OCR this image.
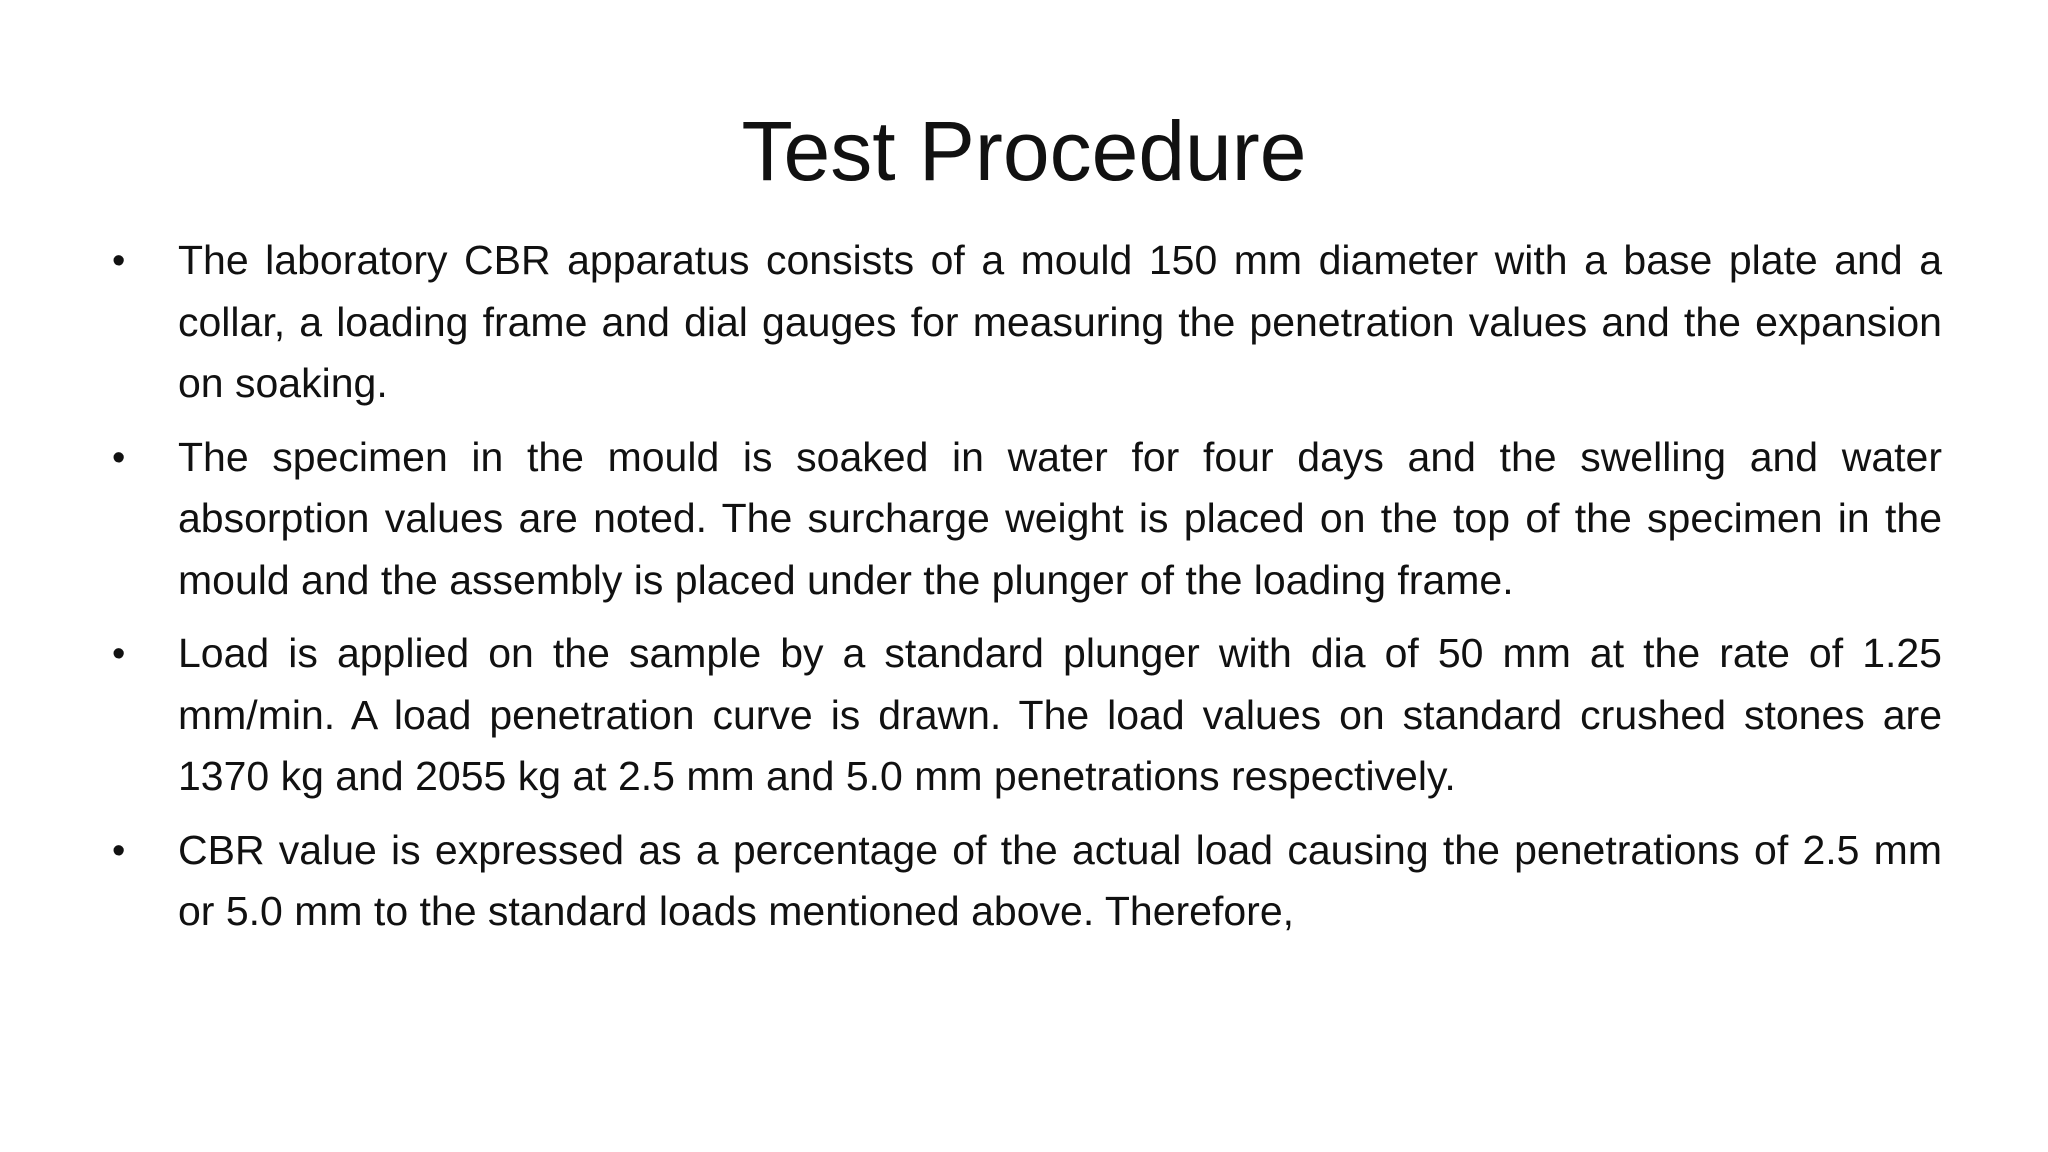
Test Procedure
• The laboratory CBR apparatus consists of a mould 150 mm diameter with a base plate and a collar, a loading frame and dial gauges for measuring the penetration values and the expansion on soaking.
• The specimen in the mould is soaked in water for four days and the swelling and water absorption values are noted. The surcharge weight is placed on the top of the specimen in the mould and the assembly is placed under the plunger of the loading frame.
• Load is applied on the sample by a standard plunger with dia of 50 mm at the rate of 1.25 mm/min. A load penetration curve is drawn. The load values on standard crushed stones are 1370 kg and 2055 kg at 2.5 mm and 5.0 mm penetrations respectively.
• CBR value is expressed as a percentage of the actual load causing the penetrations of 2.5 mm or 5.0 mm to the standard loads mentioned above. Therefore,
